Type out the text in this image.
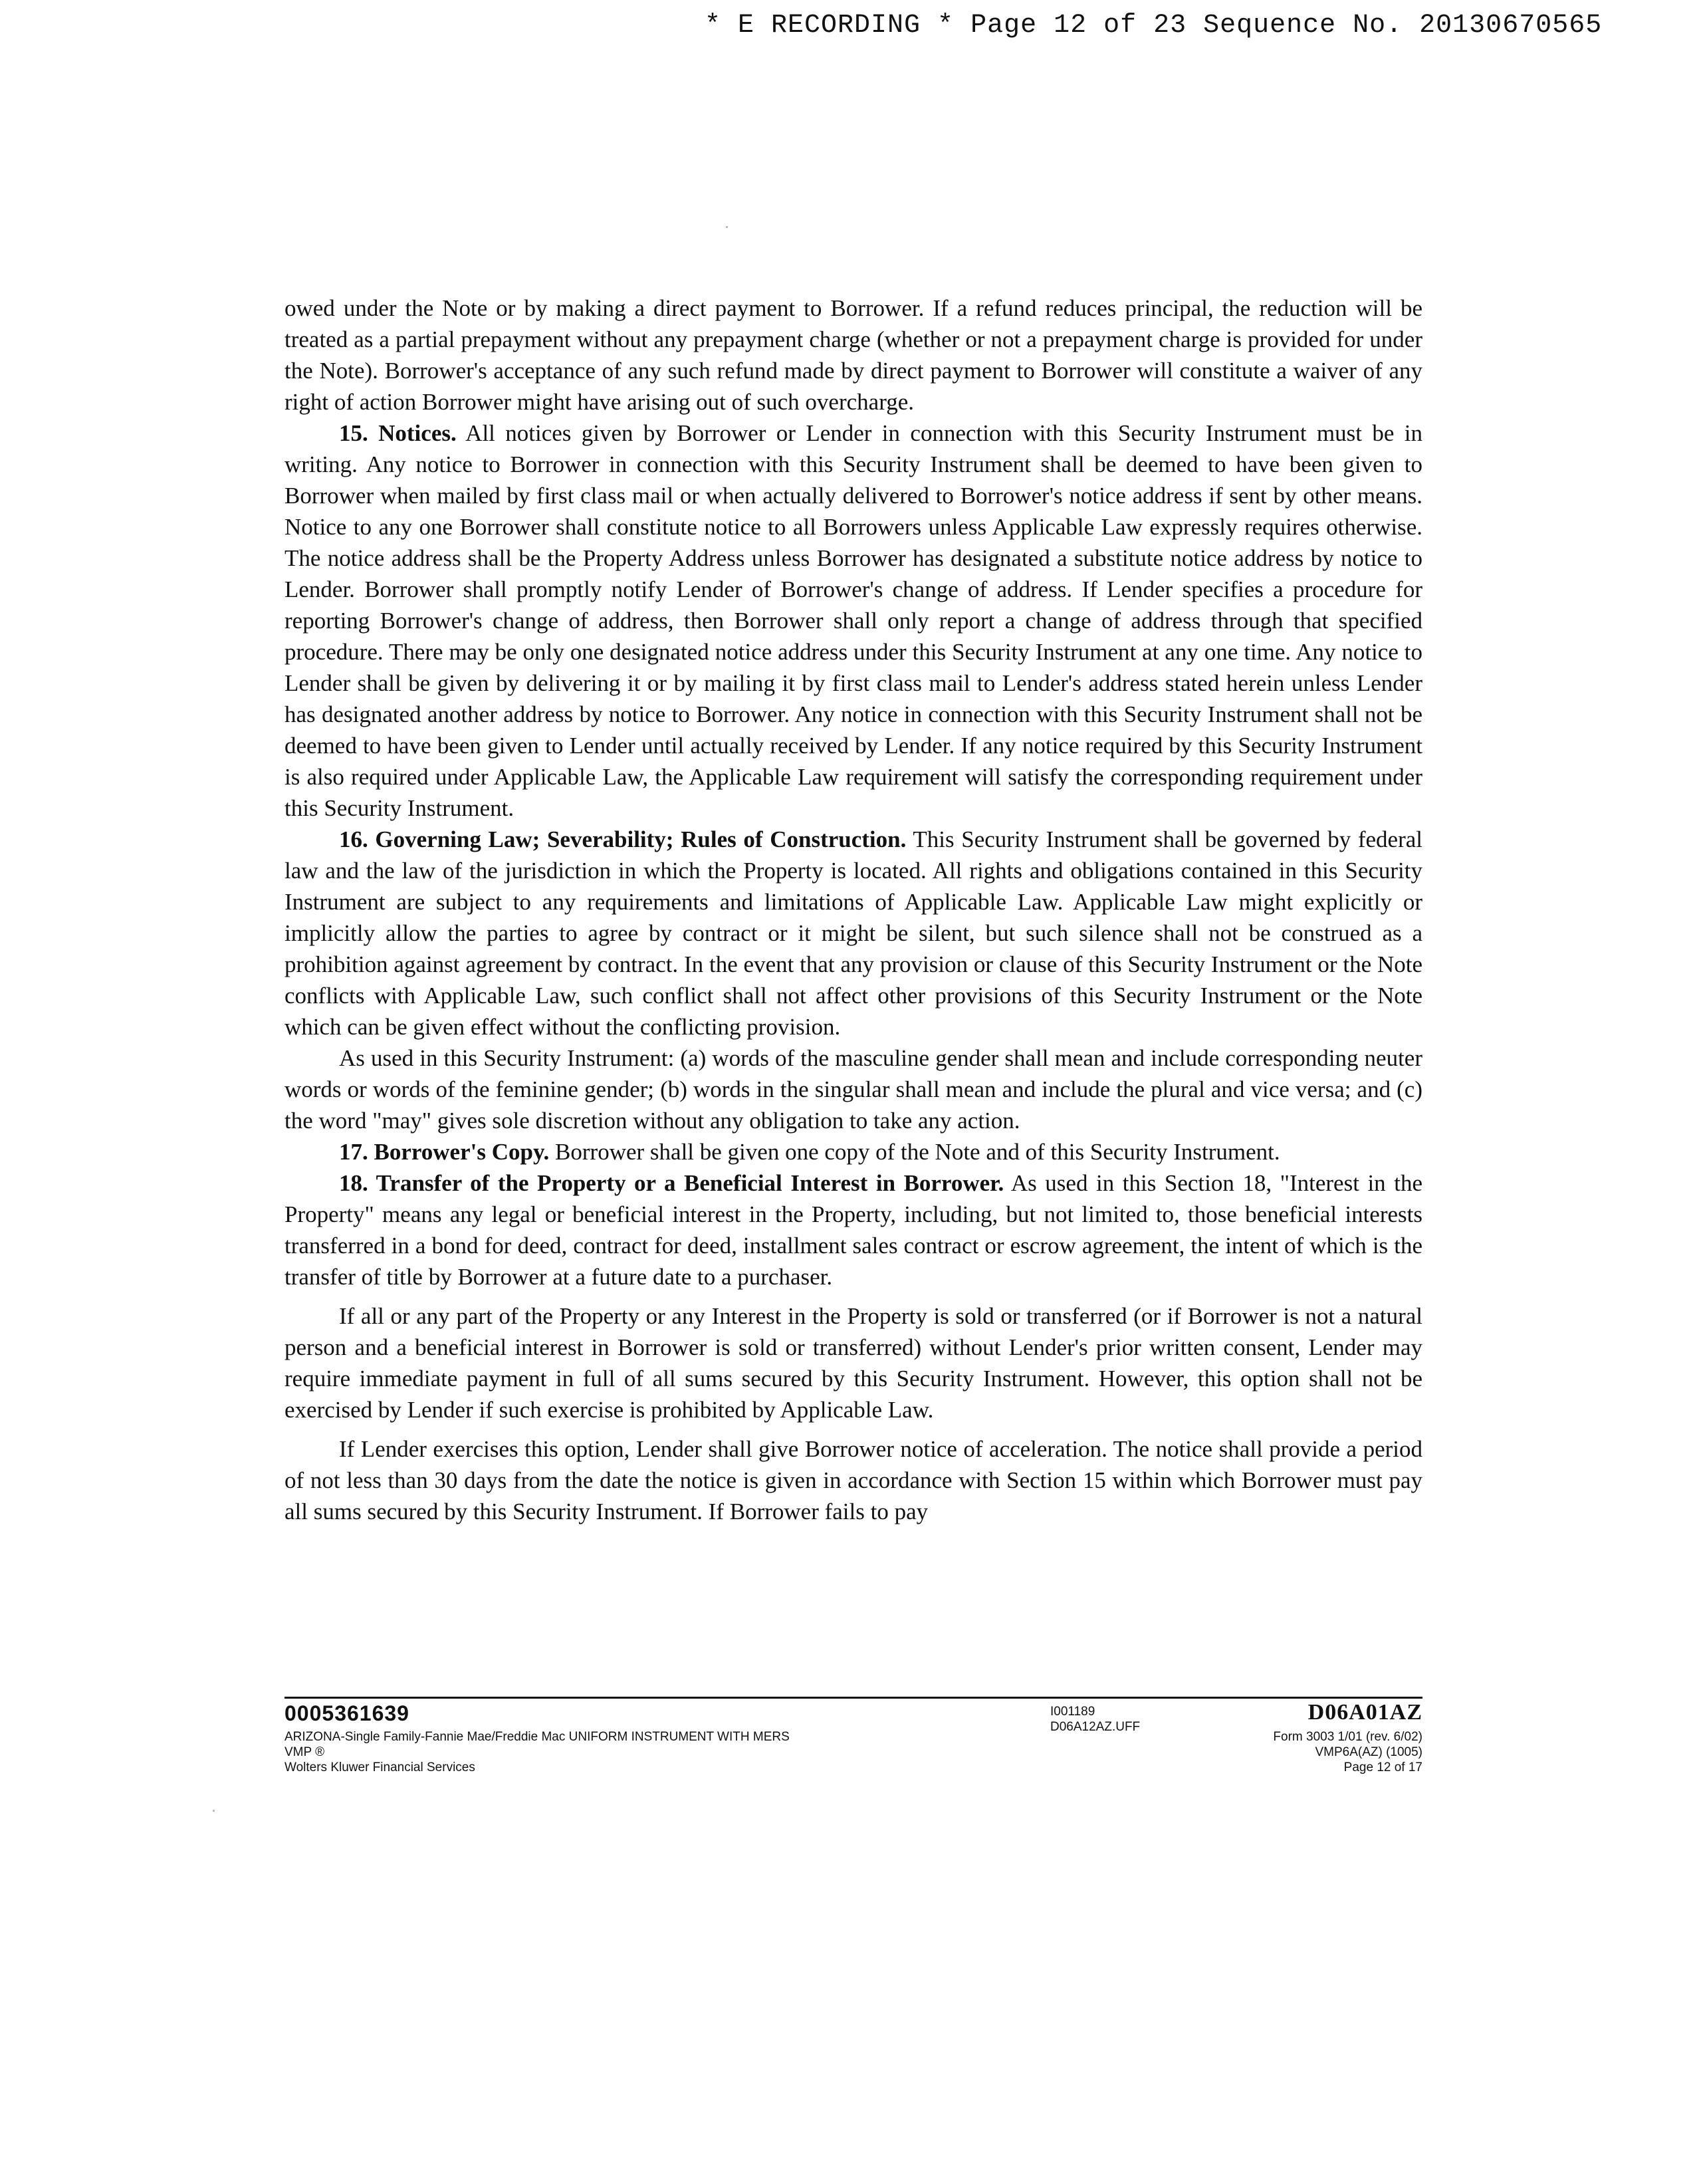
* E RECORDING * Page 12 of 23 Sequence No. 20130670565

owed under the Note or by making a direct payment to Borrower. If a refund reduces principal, the reduction will be treated as a partial prepayment without any prepayment charge (whether or not a prepayment charge is provided for under the Note). Borrower's acceptance of any such refund made by direct payment to Borrower will constitute a waiver of any right of action Borrower might have arising out of such overcharge.

15. Notices. All notices given by Borrower or Lender in connection with this Security Instrument must be in writing. Any notice to Borrower in connection with this Security Instrument shall be deemed to have been given to Borrower when mailed by first class mail or when actually delivered to Borrower's notice address if sent by other means. Notice to any one Borrower shall constitute notice to all Borrowers unless Applicable Law expressly requires otherwise. The notice address shall be the Property Address unless Borrower has designated a substitute notice address by notice to Lender. Borrower shall promptly notify Lender of Borrower's change of address. If Lender specifies a procedure for reporting Borrower's change of address, then Borrower shall only report a change of address through that specified procedure. There may be only one designated notice address under this Security Instrument at any one time. Any notice to Lender shall be given by delivering it or by mailing it by first class mail to Lender's address stated herein unless Lender has designated another address by notice to Borrower. Any notice in connection with this Security Instrument shall not be deemed to have been given to Lender until actually received by Lender. If any notice required by this Security Instrument is also required under Applicable Law, the Applicable Law requirement will satisfy the corresponding requirement under this Security Instrument.

16. Governing Law; Severability; Rules of Construction. This Security Instrument shall be governed by federal law and the law of the jurisdiction in which the Property is located. All rights and obligations contained in this Security Instrument are subject to any requirements and limitations of Applicable Law. Applicable Law might explicitly or implicitly allow the parties to agree by contract or it might be silent, but such silence shall not be construed as a prohibition against agreement by contract. In the event that any provision or clause of this Security Instrument or the Note conflicts with Applicable Law, such conflict shall not affect other provisions of this Security Instrument or the Note which can be given effect without the conflicting provision.

As used in this Security Instrument: (a) words of the masculine gender shall mean and include corresponding neuter words or words of the feminine gender; (b) words in the singular shall mean and include the plural and vice versa; and (c) the word "may" gives sole discretion without any obligation to take any action.

17. Borrower's Copy. Borrower shall be given one copy of the Note and of this Security Instrument.

18. Transfer of the Property or a Beneficial Interest in Borrower. As used in this Section 18, "Interest in the Property" means any legal or beneficial interest in the Property, including, but not limited to, those beneficial interests transferred in a bond for deed, contract for deed, installment sales contract or escrow agreement, the intent of which is the transfer of title by Borrower at a future date to a purchaser.

If all or any part of the Property or any Interest in the Property is sold or transferred (or if Borrower is not a natural person and a beneficial interest in Borrower is sold or transferred) without Lender's prior written consent, Lender may require immediate payment in full of all sums secured by this Security Instrument. However, this option shall not be exercised by Lender if such exercise is prohibited by Applicable Law.

If Lender exercises this option, Lender shall give Borrower notice of acceleration. The notice shall provide a period of not less than 30 days from the date the notice is given in accordance with Section 15 within which Borrower must pay all sums secured by this Security Instrument. If Borrower fails to pay

0005361639
ARIZONA-Single Family-Fannie Mae/Freddie Mac UNIFORM INSTRUMENT WITH MERS
VMP ®
Wolters Kluwer Financial Services
I001189
D06A12AZ.UFF
D06A01AZ
Form 3003 1/01 (rev. 6/02)
VMP6A(AZ) (1005)
Page 12 of 17
